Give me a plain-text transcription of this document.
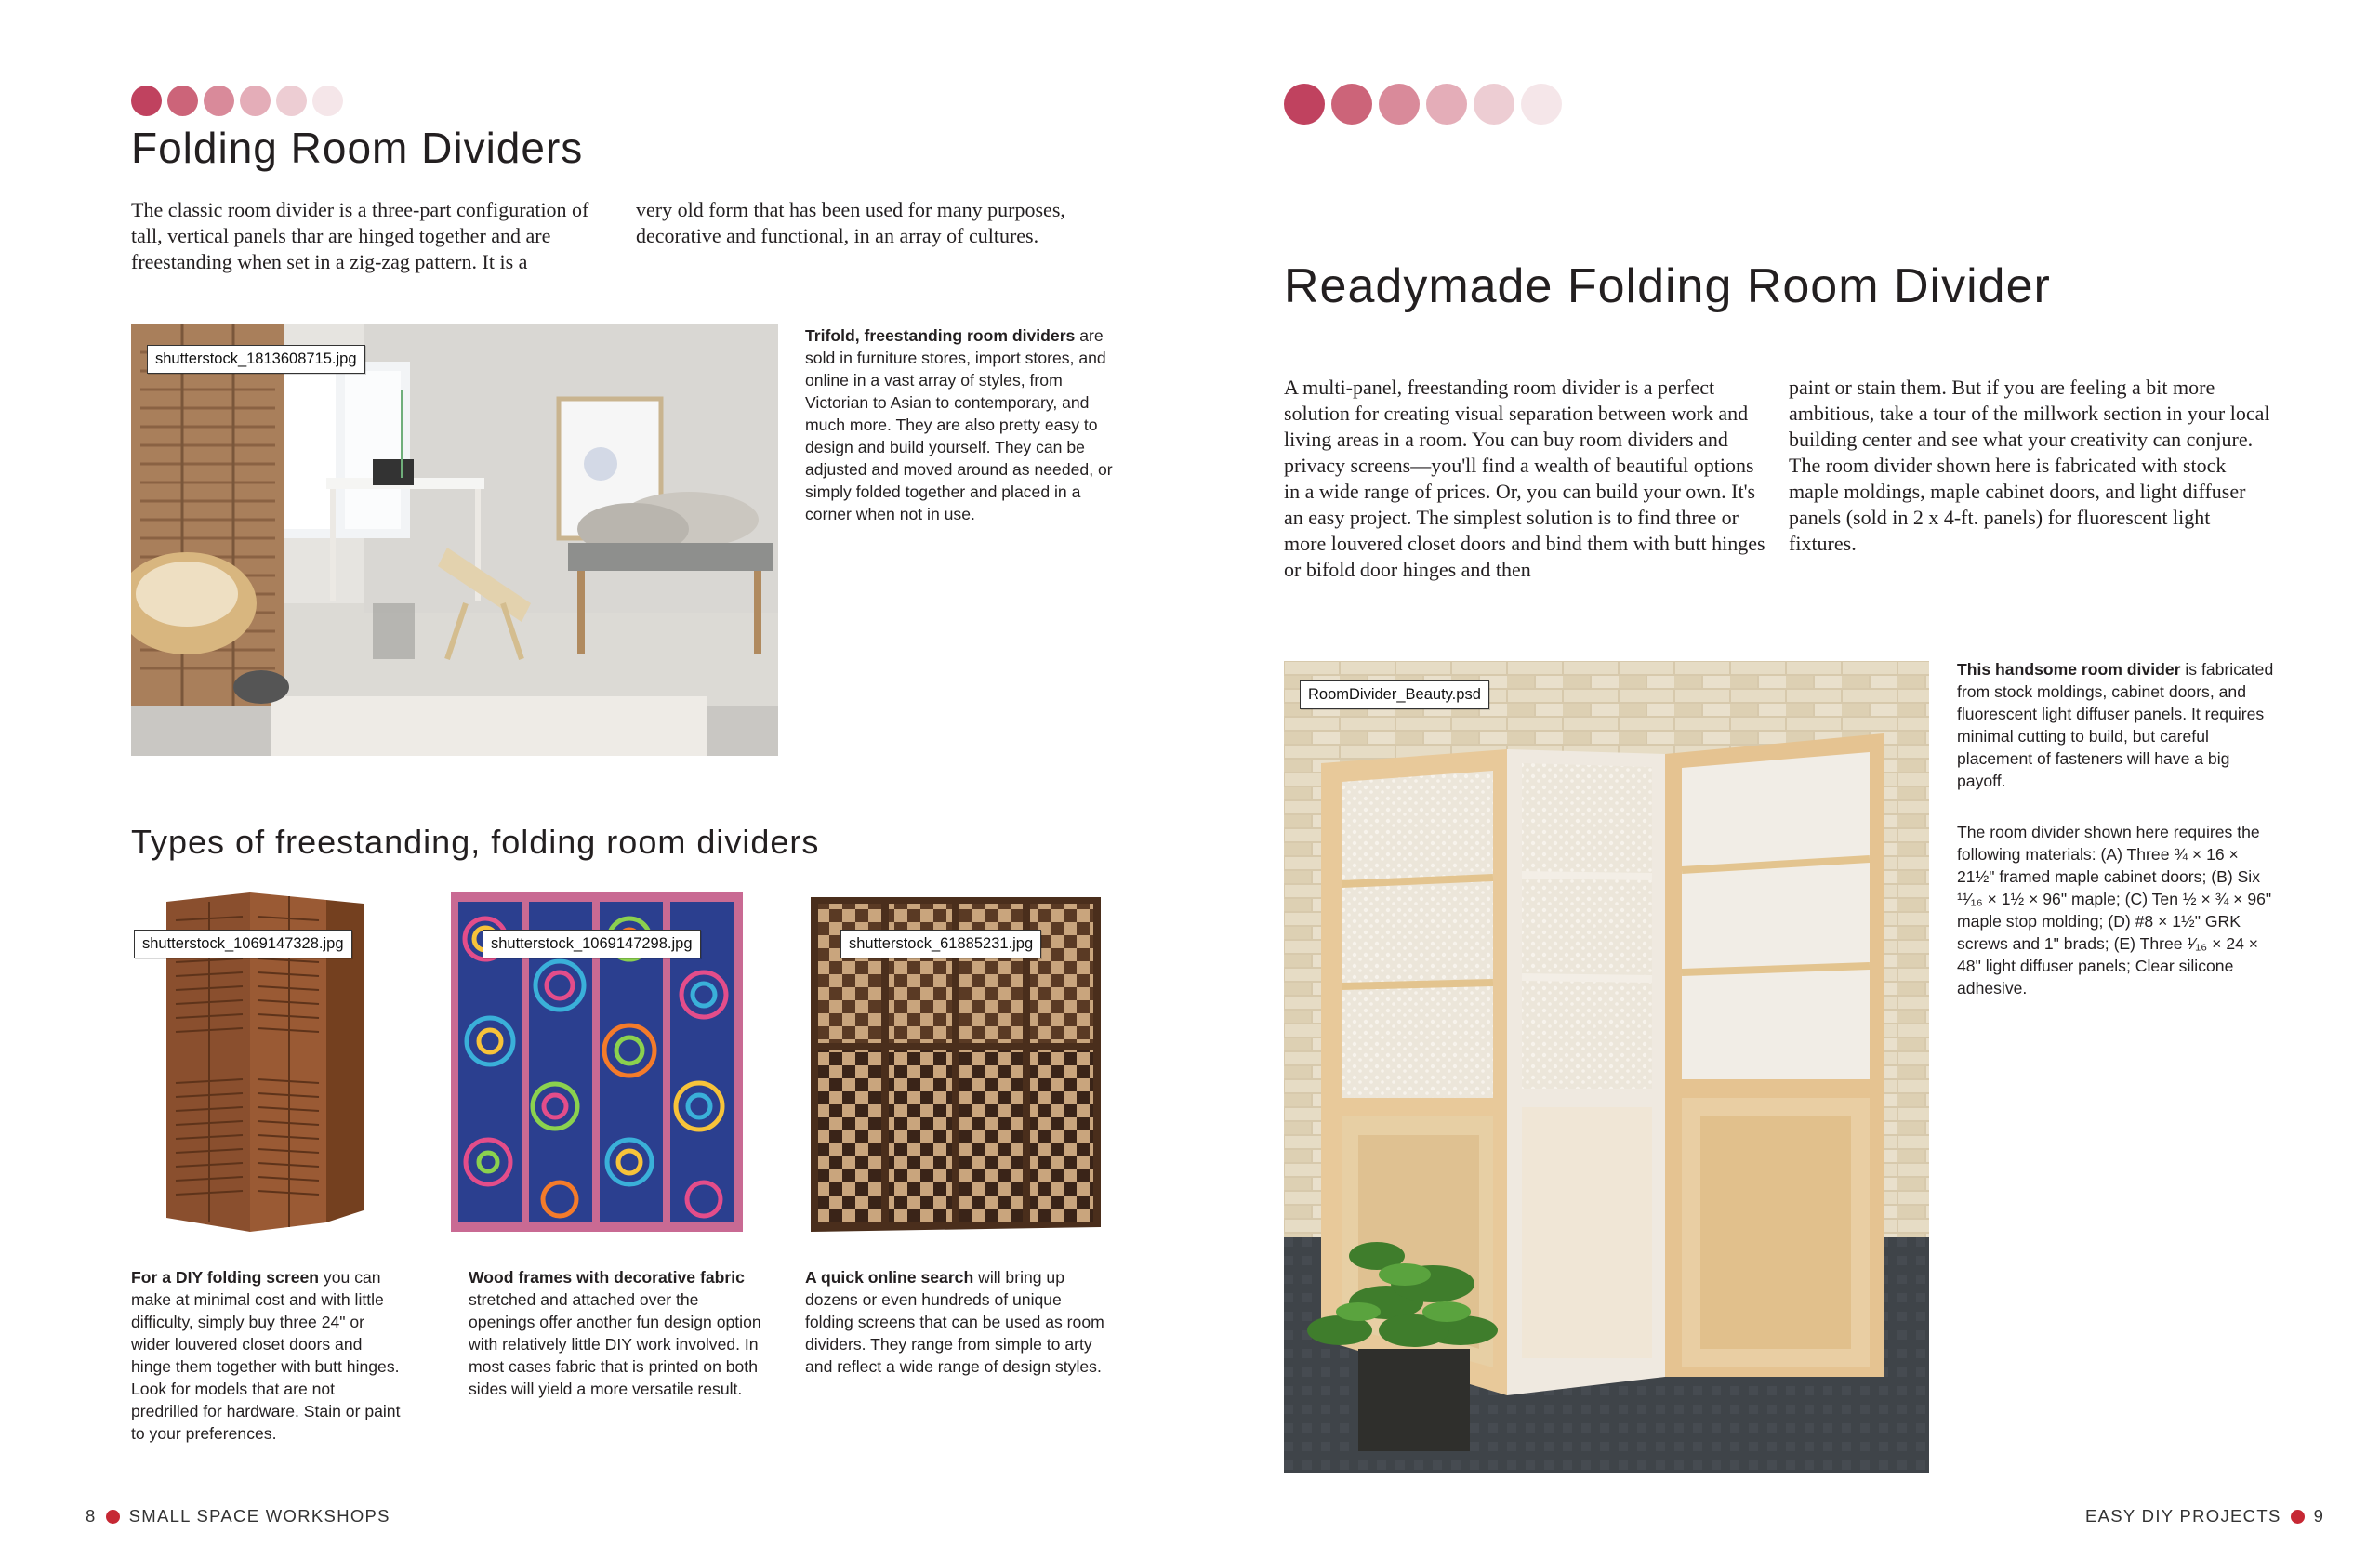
Folding Room Dividers

The classic room divider is a three-part configuration of tall, vertical panels thar are hinged together and are freestanding when set in a zig-zag pattern. It is a

very old form that has been used for many purposes, decorative and functional, in an array of cultures.

shutterstock_1813608715.jpg

Trifold, freestanding room dividers are sold in furniture stores, import stores, and online in a vast array of styles, from Victorian to Asian to contemporary, and much more. They are also pretty easy to design and build yourself. They can be adjusted and moved around as needed, or simply folded together and placed in a corner when not in use.

Types of freestanding, folding room dividers
shutterstock_1069147328.jpg	shutterstock_1069147298.jpg	shutterstock_61885231.jpg

For a DIY folding screen you can make at minimal cost and with little difficulty, simply buy three 24" or wider louvered closet doors and hinge them together with butt hinges. Look for models that are not predrilled for hardware. Stain or paint to your preferences.

Wood frames with decorative fabric stretched and attached over the openings offer another fun design option with relatively little DIY work involved. In most cases fabric that is printed on both sides will yield a more versatile result.

A quick online search will bring up dozens or even hundreds of unique folding screens that can be used as room dividers. They range from simple to arty and reflect a wide range of design styles.

8 SMALL SPACE WORKSHOPS
Readymade Folding Room Divider

A multi-panel, freestanding room divider is a perfect solution for creating visual separation between work and living areas in a room. You can buy room dividers and privacy screens—you'll find a wealth of beautiful options in a wide range of prices. Or, you can build your own. It's an easy project. The simplest solution is to find three or more louvered closet doors and bind them with butt hinges or bifold door hinges and then

paint or stain them. But if you are feeling a bit more ambitious, take a tour of the millwork section in your local building center and see what your creativity can conjure. The room divider shown here is fabricated with stock maple moldings, maple cabinet doors, and light diffuser panels (sold in 2 x 4-ft. panels) for fluorescent light fixtures.

RoomDivider_Beauty.psd

This handsome room divider is fabricated from stock moldings, cabinet doors, and fluorescent light diffuser panels. It requires minimal cutting to build, but careful placement of fasteners will have a big payoff.

The room divider shown here requires the following materials: (A) Three ¾ × 16 × 21½" framed maple cabinet doors; (B) Six ¹¹⁄₁₆ × 1½ × 96" maple; (C) Ten ½ × ¾ × 96" maple stop molding; (D) #8 × 1½" GRK screws and 1" brads; (E) Three ¹⁄₁₆ × 24 × 48" light diffuser panels; Clear silicone adhesive.

EASY DIY PROJECTS 9
